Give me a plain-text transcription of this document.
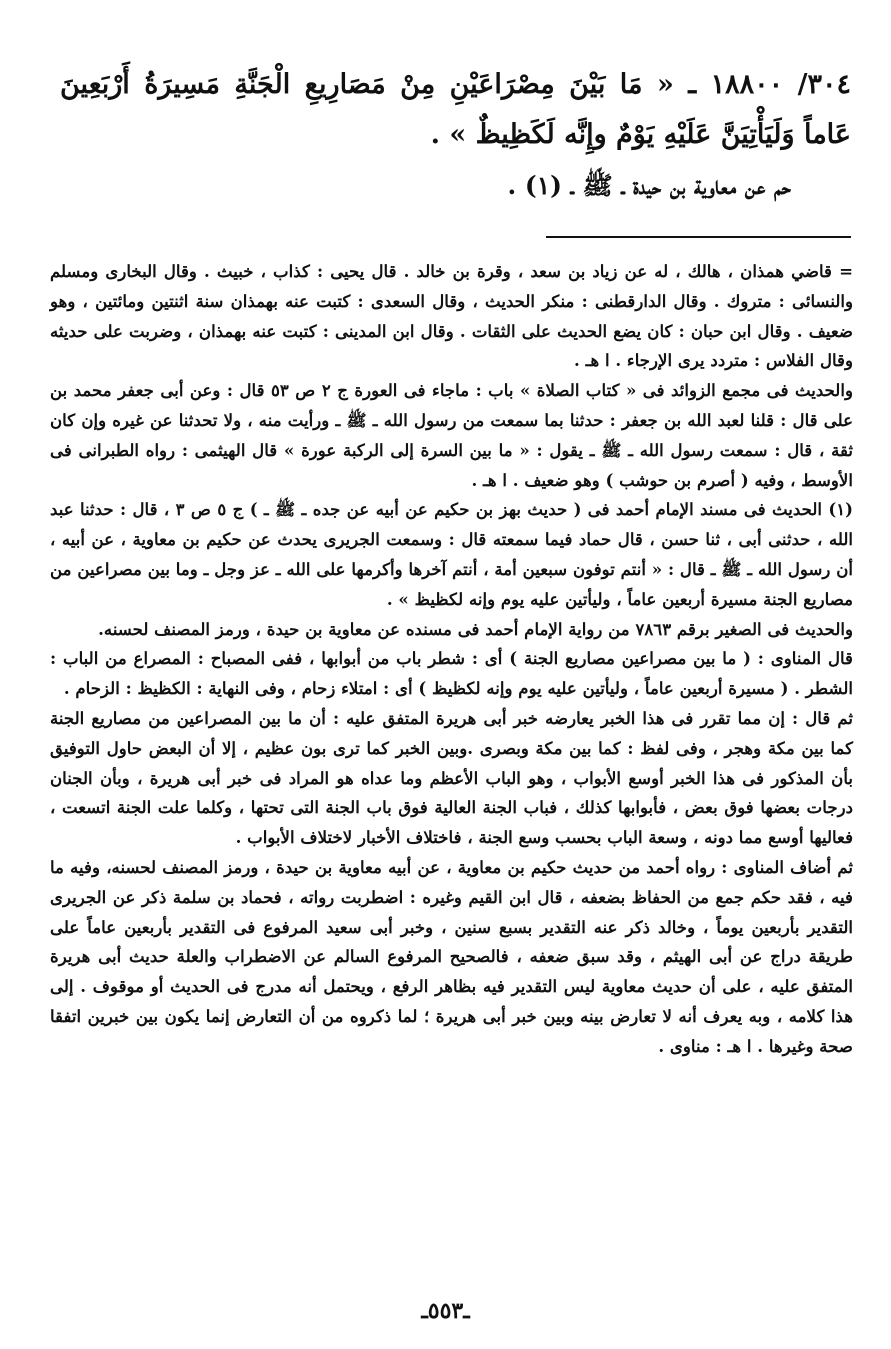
٣٠٤/ ١٨٨٠٠ ـ « مَا بَيْنَ مِصْرَاعَيْنِ مِنْ مَصَارِيعِ الْجَنَّةِ مَسِيرَةُ أَرْبَعِينَ عَاماً وَلَيَأْتِيَنَّ عَلَيْهِ يَوْمٌ وإِنَّه لَكَظِيظٌ » .

حم عن معاوية بن حيدة ـ ﷺ ـ (١) .

= قاضي همذان ، هالك ، له عن زياد بن سعد ، وقرة بن خالد . قال يحيى : كذاب ، خبيث . وقال البخارى ومسلم والنسائى : متروك . وقال الدارقطنى : منكر الحديث ، وقال السعدى : كتبت عنه بهمذان سنة اثنتين ومائتين ، وهو ضعيف . وقال ابن حبان : كان يضع الحديث على الثقات . وقال ابن المدينى : كتبت عنه بهمذان ، وضربت على حديثه وقال الفلاس : متردد يرى الإرجاء . ا هـ .

والحديث فى مجمع الزوائد فى « كتاب الصلاة » باب : ماجاء فى العورة ج ٢ ص ٥٣ قال : وعن أبى جعفر محمد بن على قال : قلنا لعبد الله بن جعفر : حدثنا بما سمعت من رسول الله ـ ﷺ ـ ورأيت منه ، ولا تحدثنا عن غيره وإن كان ثقة ، قال : سمعت رسول الله ـ ﷺ ـ يقول : « ما بين السرة إلى الركبة عورة » قال الهيثمى : رواه الطبرانى فى الأوسط ، وفيه ( أصرم بن حوشب ) وهو ضعيف . ا هـ .

(١) الحديث فى مسند الإمام أحمد فى ( حديث بهز بن حكيم عن أبيه عن جده ـ ﷺ ـ ) ج ٥ ص ٣ ، قال : حدثنا عبد الله ، حدثنى أبى ، ثنا حسن ، قال حماد فيما سمعته قال : وسمعت الجريرى يحدث عن حكيم بن معاوية ، عن أبيه ، أن رسول الله ـ ﷺ ـ قال : « أنتم توفون سبعين أمة ، أنتم آخرها وأكرمها على الله ـ عز وجل ـ وما بين مصراعين من مصاريع الجنة مسيرة أربعين عاماً ، وليأتين عليه يوم وإنه لكظيظ » .

والحديث فى الصغير برقم ٧٨٦٣ من رواية الإمام أحمد فى مسنده عن معاوية بن حيدة ، ورمز المصنف لحسنه.

قال المناوى : ( ما بين مصراعين مصاريع الجنة ) أى : شطر باب من أبوابها ، ففى المصباح : المصراع من الباب : الشطر . ( مسيرة أربعين عاماً ، وليأتين عليه يوم وإنه لكظيظ ) أى : امتلاء زحام ، وفى النهاية : الكظيظ : الزحام .

ثم قال : إن مما تقرر فى هذا الخبر يعارضه خبر أبى هريرة المتفق عليه : أن ما بين المصراعين من مصاريع الجنة كما بين مكة وهجر ، وفى لفظ : كما بين مكة وبصرى .وبين الخبر كما ترى بون عظيم ، إلا أن البعض حاول التوفيق بأن المذكور فى هذا الخبر أوسع الأبواب ، وهو الباب الأعظم وما عداه هو المراد فى خبر أبى هريرة ، وبأن الجنان درجات بعضها فوق بعض ، فأبوابها كذلك ، فباب الجنة العالية فوق باب الجنة التى تحتها ، وكلما علت الجنة اتسعت ، فعاليها أوسع مما دونه ، وسعة الباب بحسب وسع الجنة ، فاختلاف الأخبار لاختلاف الأبواب .

ثم أضاف المناوى : رواه أحمد من حديث حكيم بن معاوية ، عن أبيه معاوية بن حيدة ، ورمز المصنف لحسنه، وفيه ما فيه ، فقد حكم جمع من الحفاظ بضعفه ، قال ابن القيم وغيره : اضطربت رواته ، فحماد بن سلمة ذكر عن الجريرى التقدير بأربعين يوماً ، وخالد ذكر عنه التقدير بسبع سنين ، وخبر أبى سعيد المرفوع فى التقدير بأربعين عاماً على طريقة دراج عن أبى الهيثم ، وقد سبق ضعفه ، فالصحيح المرفوع السالم عن الاضطراب والعلة حديث أبى هريرة المتفق عليه ، على أن حديث معاوية ليس التقدير فيه بظاهر الرفع ، ويحتمل أنه مدرج فى الحديث أو موقوف . إلى هذا كلامه ، وبه يعرف أنه لا تعارض بينه وبين خبر أبى هريرة ؛ لما ذكروه من أن التعارض إنما يكون بين خبرين اتفقا صحة وغيرها . ا هـ : مناوى .

ـ٥٥٣ـ
